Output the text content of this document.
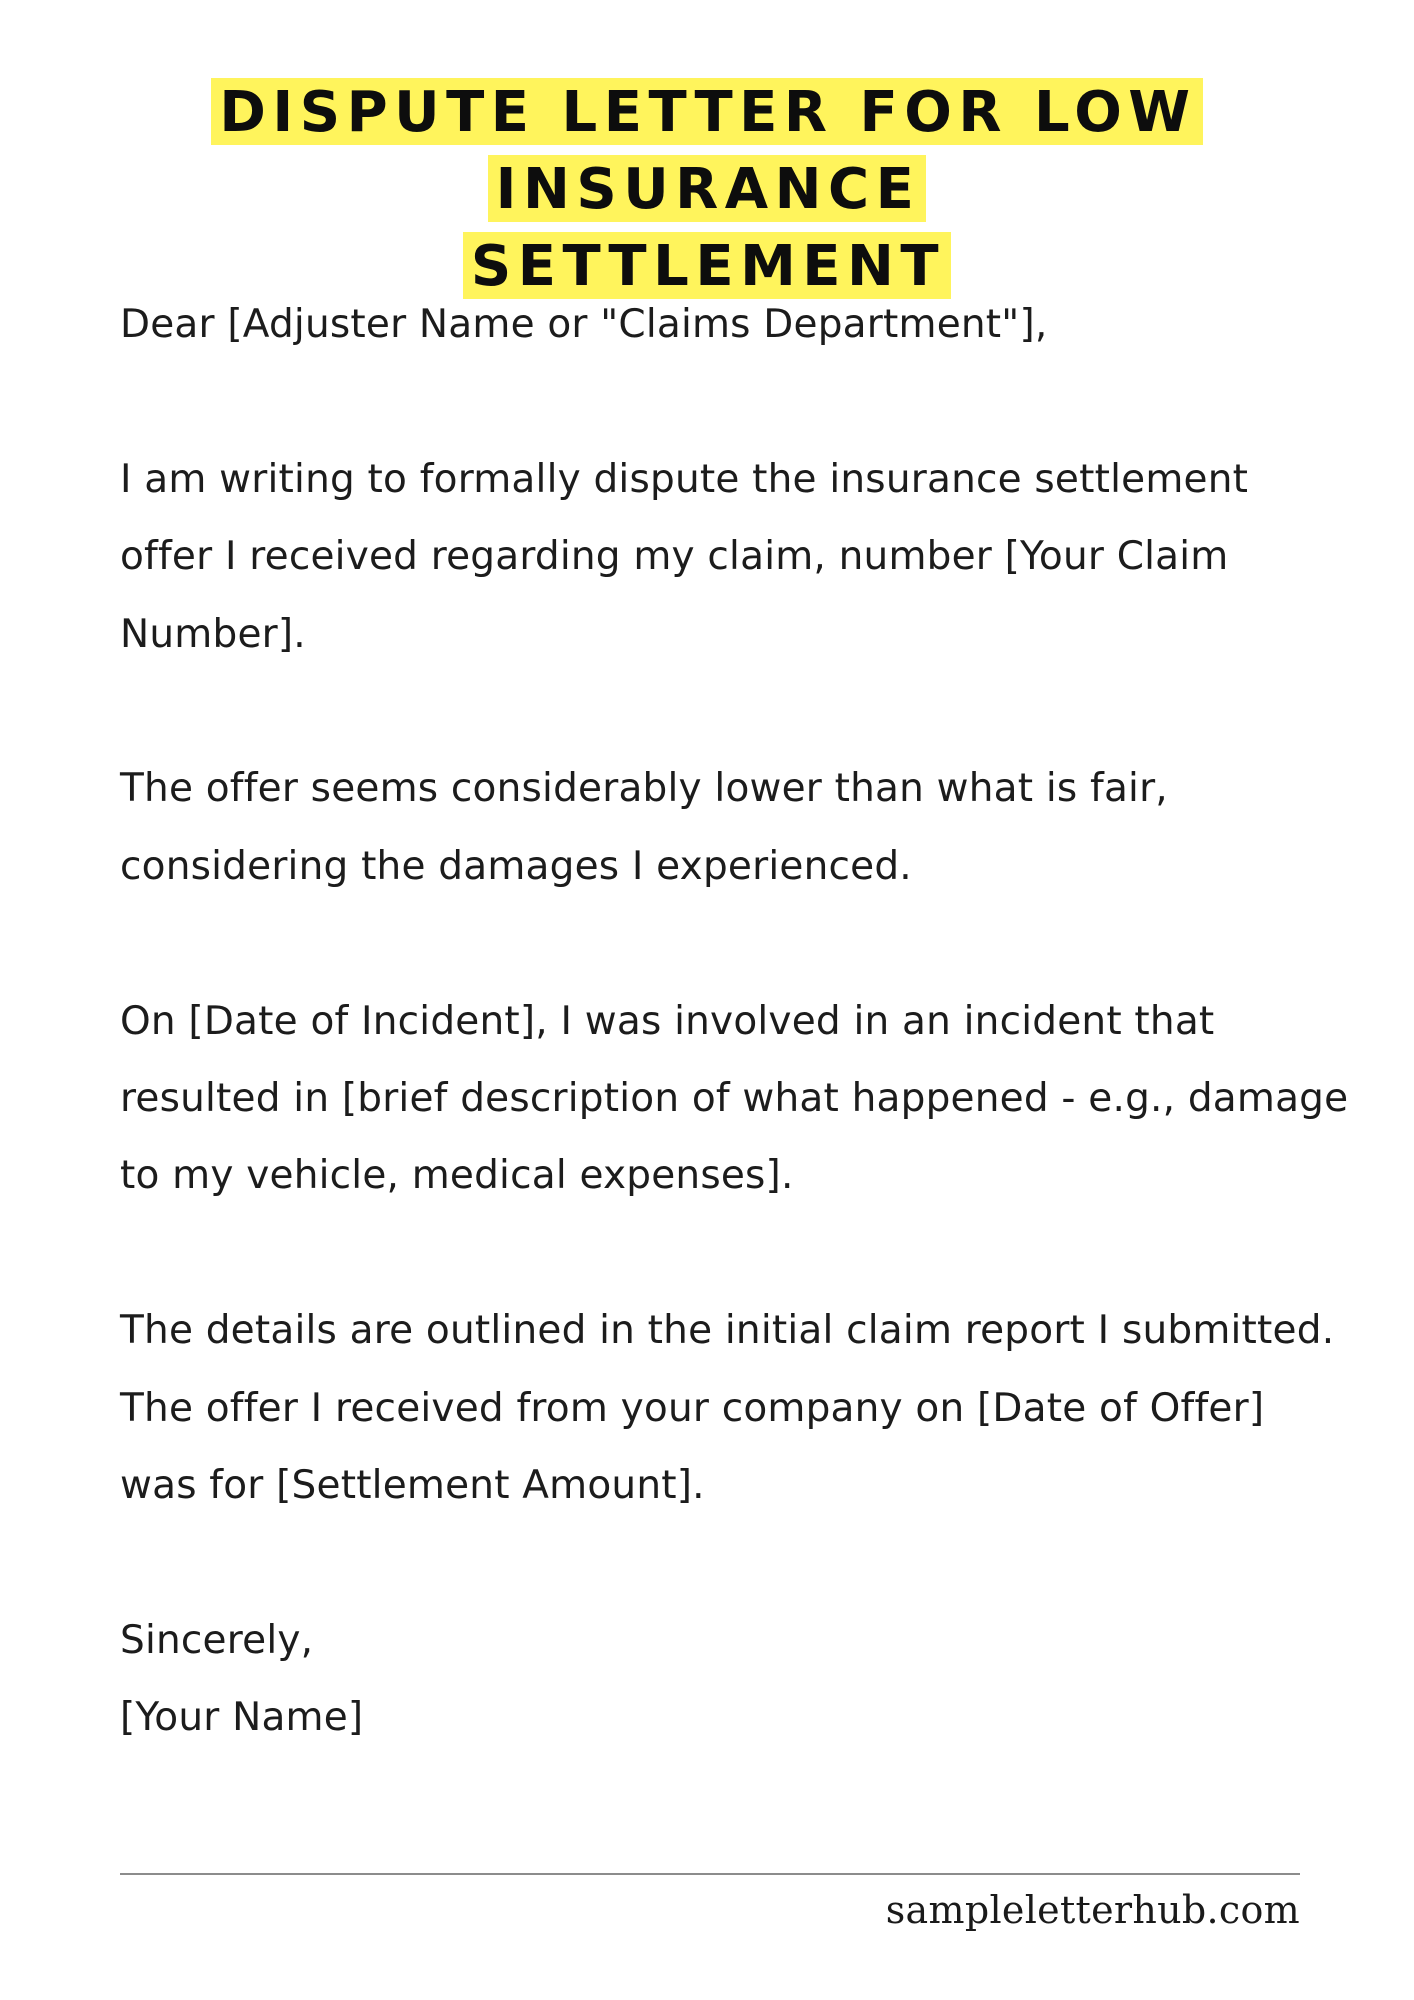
DISPUTE LETTER FOR LOW INSURANCE
SETTLEMENT

Dear [Adjuster Name or "Claims Department"],

I am writing to formally dispute the insurance settlement offer I received regarding my claim, number [Your Claim Number].

The offer seems considerably lower than what is fair, considering the damages I experienced.

On [Date of Incident], I was involved in an incident that resulted in [brief description of what happened - e.g., damage to my vehicle, medical expenses].

The details are outlined in the initial claim report I submitted. The offer I received from your company on [Date of Offer] was for [Settlement Amount].

Sincerely,
[Your Name]

sampleletterhub.com
